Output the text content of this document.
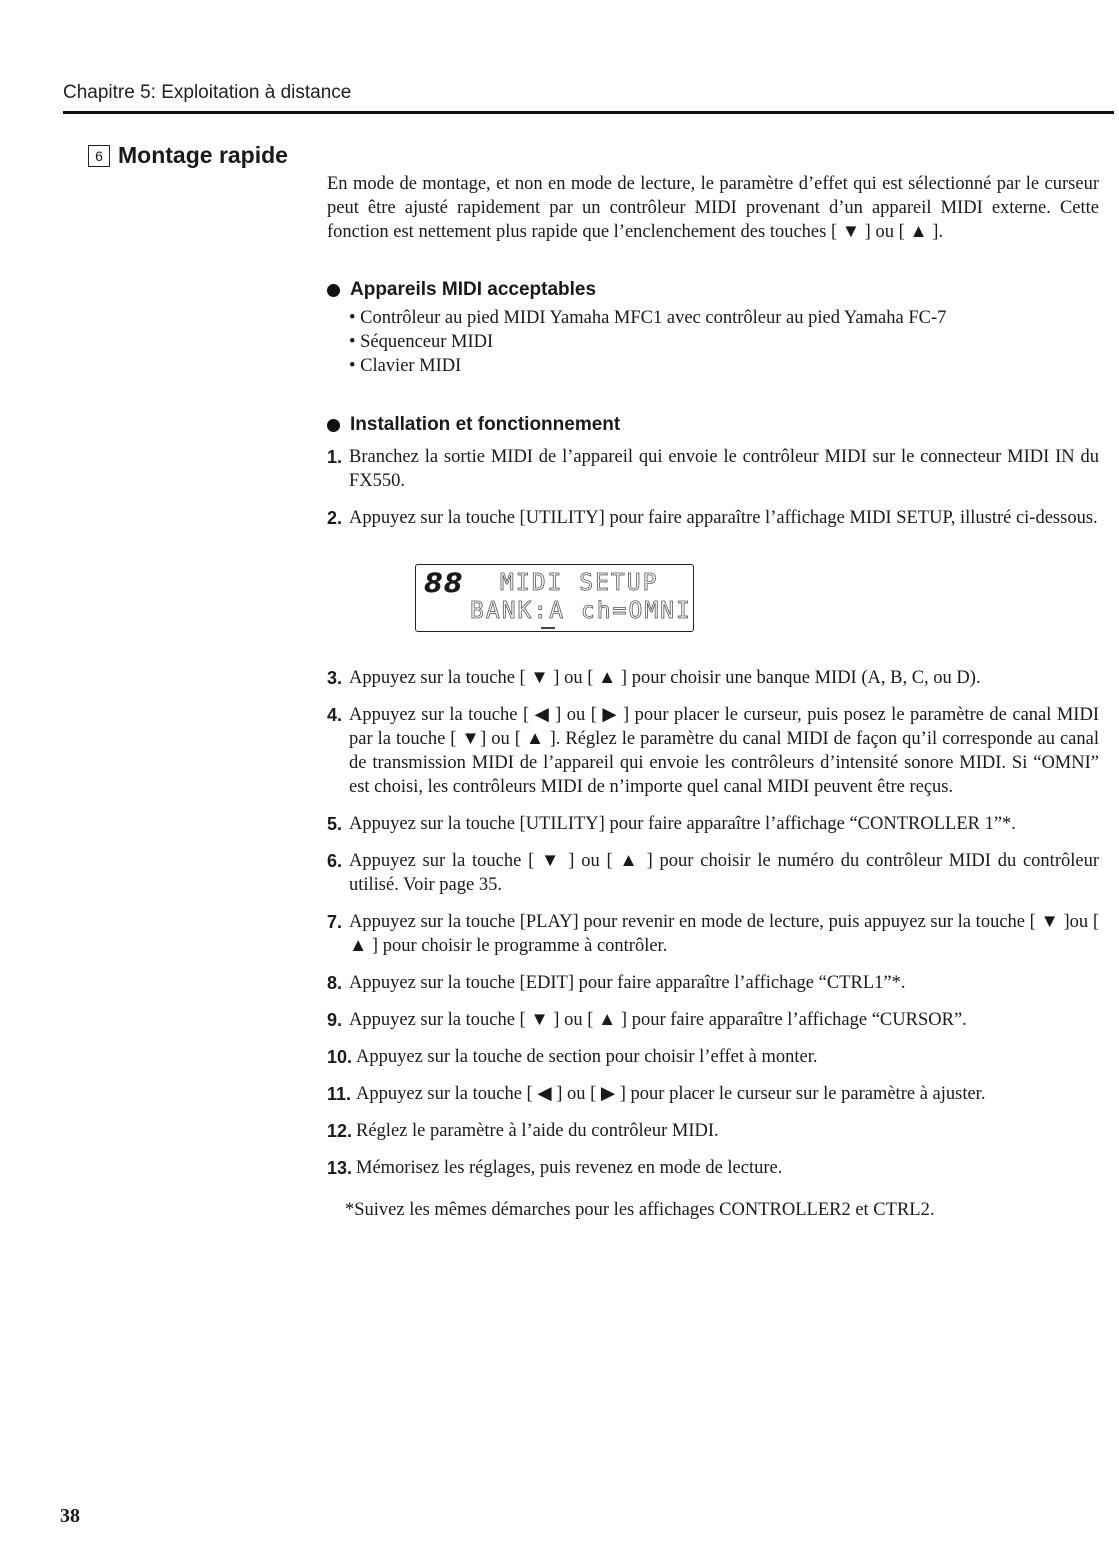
Chapitre 5: Exploitation à distance
6 Montage rapide

En mode de montage, et non en mode de lecture, le paramètre d’effet qui est sélectionné par le curseur peut être ajusté rapidement par un contrôleur MIDI provenant d’un appareil MIDI externe. Cette fonction est nettement plus rapide que l’enclenchement des touches [ ▼ ] ou [ ▲ ].

Appareils MIDI acceptables
• Contrôleur au pied MIDI Yamaha MFC1 avec contrôleur au pied Yamaha FC-7
• Séquenceur MIDI
• Clavier MIDI
Installation et fonctionnement
1. Branchez la sortie MIDI de l’appareil qui envoie le contrôleur MIDI sur le connecteur MIDI IN du FX550.
2. Appuyez sur la touche [UTILITY] pour faire apparaître l’affichage MIDI SETUP, illustré ci-dessous.
88 MIDI SETUP
BANK:A ch=OMNI
3. Appuyez sur la touche [ ▼ ] ou [ ▲ ] pour choisir une banque MIDI (A, B, C, ou D).
4. Appuyez sur la touche [ ◀ ] ou [ ▶ ] pour placer le curseur, puis posez le paramètre de canal MIDI par la touche [ ▼] ou [ ▲ ]. Réglez le paramètre du canal MIDI de façon qu’il corresponde au canal de transmission MIDI de l’appareil qui envoie les contrôleurs d’intensité sonore MIDI. Si “OMNI” est choisi, les contrôleurs MIDI de n’importe quel canal MIDI peuvent être reçus.
5. Appuyez sur la touche [UTILITY] pour faire apparaître l’affichage “CONTROLLER 1”*.
6. Appuyez sur la touche [ ▼ ] ou [ ▲ ] pour choisir le numéro du contrôleur MIDI du contrôleur utilisé. Voir page 35.
7. Appuyez sur la touche [PLAY] pour revenir en mode de lecture, puis appuyez sur la touche [ ▼ ]ou [ ▲ ] pour choisir le programme à contrôler.
8. Appuyez sur la touche [EDIT] pour faire apparaître l’affichage “CTRL1”*.
9. Appuyez sur la touche [ ▼ ] ou [ ▲ ] pour faire apparaître l’affichage “CURSOR”.
10. Appuyez sur la touche de section pour choisir l’effet à monter.
11. Appuyez sur la touche [ ◀ ] ou [ ▶ ] pour placer le curseur sur le paramètre à ajuster.
12. Réglez le paramètre à l’aide du contrôleur MIDI.
13. Mémorisez les réglages, puis revenez en mode de lecture.

*Suivez les mêmes démarches pour les affichages CONTROLLER2 et CTRL2.

38
